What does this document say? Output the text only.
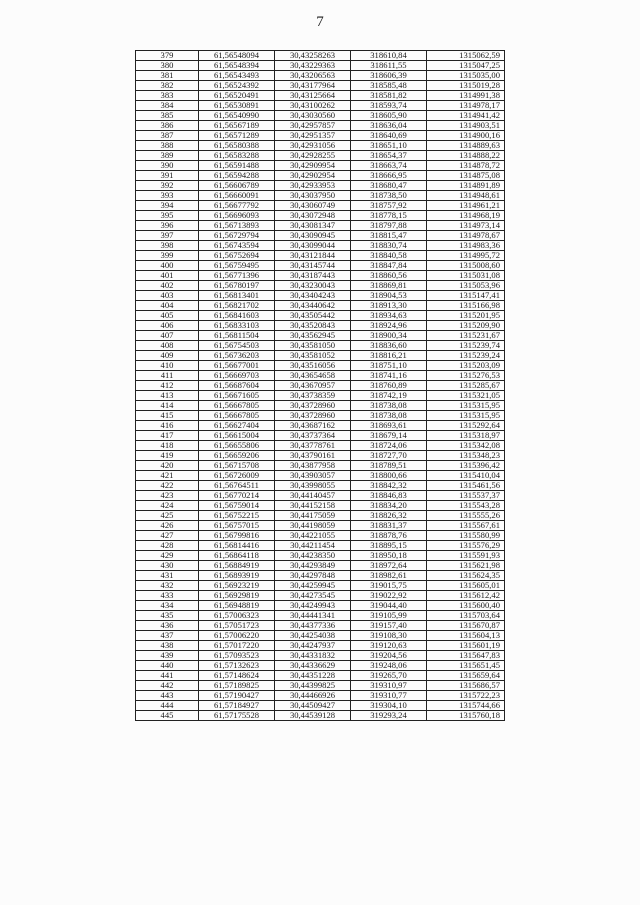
7
379	61,56548094	30,43258263	318610,84	1315062,59
380	61,56548394	30,43229363	318611,55	1315047,25
381	61,56543493	30,43206563	318606,39	1315035,00
382	61,56524392	30,43177964	318585,48	1315019,28
383	61,56520491	30,43125664	318581,82	1314991,38
384	61,56530891	30,43100262	318593,74	1314978,17
385	61,56540990	30,43030560	318605,90	1314941,42
386	61,56567189	30,42957857	318636,04	1314903,51
387	61,56571289	30,42951357	318640,69	1314900,16
388	61,56580388	30,42931056	318651,10	1314889,63
389	61,56583288	30,42928255	318654,37	1314888,22
390	61,56591488	30,42909954	318663,74	1314878,72
391	61,56594288	30,42902954	318666,95	1314875,08
392	61,56606789	30,42933953	318680,47	1314891,89
393	61,56660091	30,43037950	318738,50	1314948,61
394	61,56677792	30,43060749	318757,92	1314961,21
395	61,56696093	30,43072948	318778,15	1314968,19
396	61,56713893	30,43081347	318797,88	1314973,14
397	61,56729794	30,43090945	318815,47	1314978,67
398	61,56743594	30,43099044	318830,74	1314983,36
399	61,56752694	30,43121844	318840,58	1314995,72
400	61,56759495	30,43145744	318847,84	1315008,60
401	61,56771396	30,43187443	318860,56	1315031,08
402	61,56780197	30,43230043	318869,81	1315053,96
403	61,56813401	30,43404243	318904,53	1315147,41
404	61,56821702	30,43440642	318913,30	1315166,98
405	61,56841603	30,43505442	318934,63	1315201,95
406	61,56833103	30,43520843	318924,96	1315209,90
407	61,56811504	30,43562945	318900,34	1315231,67
408	61,56754503	30,43581050	318836,60	1315239,74
409	61,56736203	30,43581052	318816,21	1315239,24
410	61,56677001	30,43516056	318751,10	1315203,09
411	61,56669703	30,43654658	318741,16	1315276,53
412	61,56687604	30,43670957	318760,89	1315285,67
413	61,56671605	30,43738359	318742,19	1315321,05
414	61,56667805	30,43728960	318738,08	1315315,95
415	61,56667805	30,43728960	318738,08	1315315,95
416	61,56627404	30,43687162	318693,61	1315292,64
417	61,56615004	30,43737364	318679,14	1315318,97
418	61,56655806	30,43778761	318724,06	1315342,08
419	61,56659206	30,43790161	318727,70	1315348,23
420	61,56715708	30,43877958	318789,51	1315396,42
421	61,56726009	30,43903057	318800,66	1315410,04
422	61,56764511	30,43998055	318842,32	1315461,56
423	61,56770214	30,44140457	318846,83	1315537,37
424	61,56759014	30,44152158	318834,20	1315543,28
425	61,56752215	30,44175059	318826,32	1315555,26
426	61,56757015	30,44198059	318831,37	1315567,61
427	61,56799816	30,44221055	318878,76	1315580,99
428	61,56814416	30,44211454	318895,15	1315576,29
429	61,56864118	30,44238350	318950,18	1315591,93
430	61,56884919	30,44293849	318972,64	1315621,98
431	61,56893919	30,44297848	318982,61	1315624,35
432	61,56923219	30,44259945	319015,75	1315605,01
433	61,56929819	30,44273545	319022,92	1315612,42
434	61,56948819	30,44249943	319044,40	1315600,40
435	61,57006323	30,44441341	319105,99	1315703,64
436	61,57051723	30,44377336	319157,40	1315670,87
437	61,57006220	30,44254038	319108,30	1315604,13
438	61,57017220	30,44247937	319120,63	1315601,19
439	61,57093523	30,44331832	319204,56	1315647,83
440	61,57132623	30,44336629	319248,06	1315651,45
441	61,57148624	30,44351228	319265,70	1315659,64
442	61,57189825	30,44399825	319310,97	1315686,57
443	61,57190427	30,44466926	319310,77	1315722,23
444	61,57184927	30,44509427	319304,10	1315744,66
445	61,57175528	30,44539128	319293,24	1315760,18
